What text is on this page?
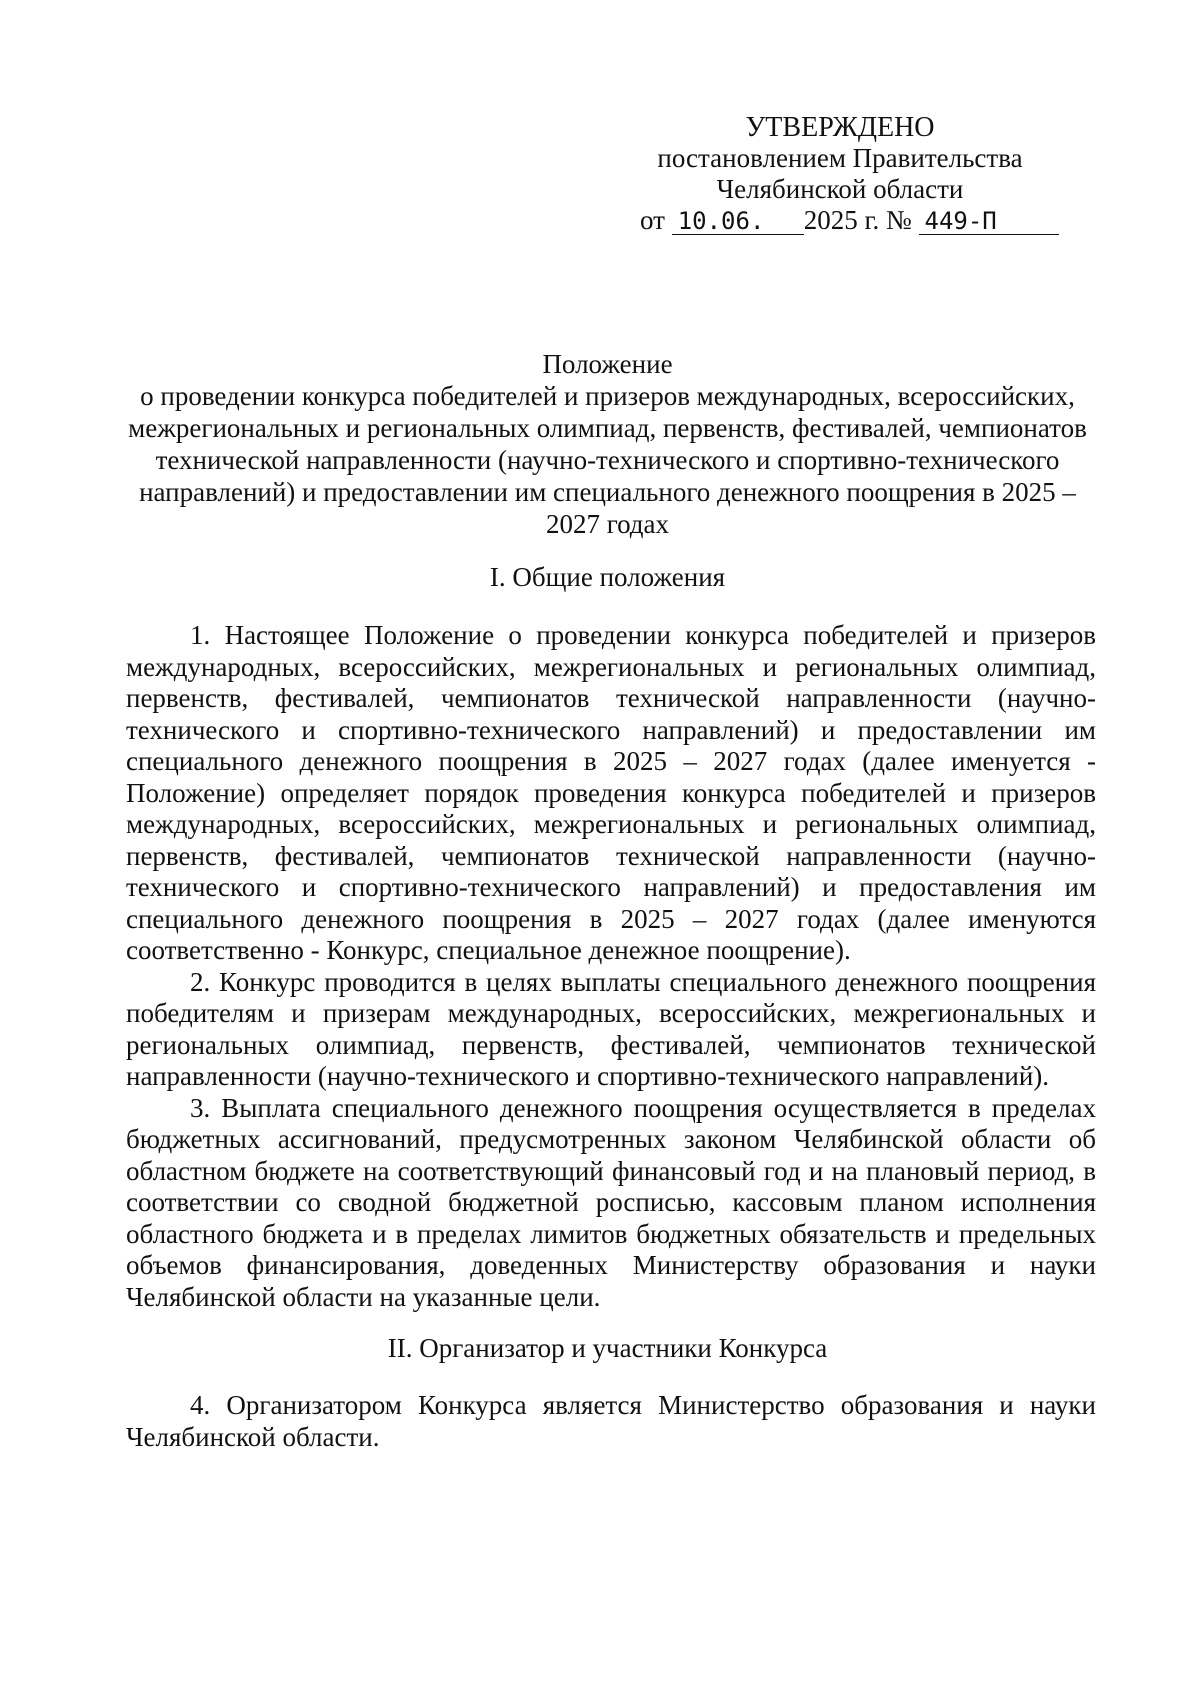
УТВЕРЖДЕНО
постановлением Правительства
Челябинской области
от 10.06. 2025 г. № 449-П
Положение
о проведении конкурса победителей и призеров международных, всероссийских, межрегиональных и региональных олимпиад, первенств, фестивалей, чемпионатов технической направленности (научно-технического и спортивно-технического направлений) и предоставлении им специального денежного поощрения в 2025 – 2027 годах
I. Общие положения

1. Настоящее Положение о проведении конкурса победителей и призеров международных, всероссийских, межрегиональных и региональных олимпиад, первенств, фестивалей, чемпионатов технической направленности (научно-технического и спортивно-технического направлений) и предоставлении им специального денежного поощрения в 2025 – 2027 годах (далее именуется - Положение) определяет порядок проведения конкурса победителей и призеров международных, всероссийских, межрегиональных и региональных олимпиад, первенств, фестивалей, чемпионатов технической направленности (научно-технического и спортивно-технического направлений) и предоставления им специального денежного поощрения в 2025 – 2027 годах (далее именуются соответственно - Конкурс, специальное денежное поощрение).

2. Конкурс проводится в целях выплаты специального денежного поощрения победителям и призерам международных, всероссийских, межрегиональных и региональных олимпиад, первенств, фестивалей, чемпионатов технической направленности (научно-технического и спортивно-технического направлений).

3. Выплата специального денежного поощрения осуществляется в пределах бюджетных ассигнований, предусмотренных законом Челябинской области об областном бюджете на соответствующий финансовый год и на плановый период, в соответствии со сводной бюджетной росписью, кассовым планом исполнения областного бюджета и в пределах лимитов бюджетных обязательств и предельных объемов финансирования, доведенных Министерству образования и науки Челябинской области на указанные цели.

II. Организатор и участники Конкурса

4. Организатором Конкурса является Министерство образования и науки Челябинской области.
